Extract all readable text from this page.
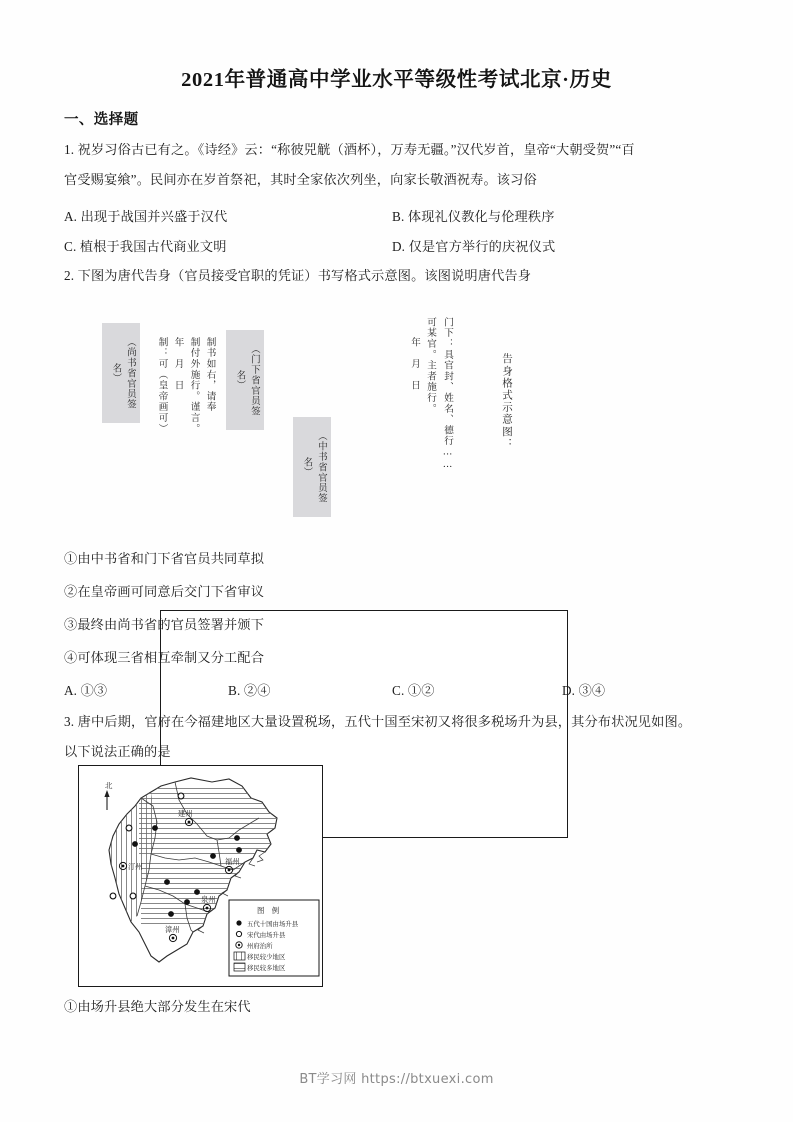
2021年普通高中学业水平等级性考试北京·历史
一、选择题
1. 祝岁习俗古已有之。《诗经》云：“称彼兕觥（酒杯），万寿无疆。”汉代岁首，皇帝“大朝受贺”“百
官受赐宴飨”。民间亦在岁首祭祀，其时全家依次列坐，向家长敬酒祝寿。该习俗
A. 出现于战国并兴盛于汉代	B. 体现礼仪教化与伦理秩序
C. 植根于我国古代商业文明	D. 仅是官方举行的庆祝仪式
2. 下图为唐代告身（官员接受官职的凭证）书写格式示意图。该图说明唐代告身
门下：具官封、姓名、德行……
可某官。主者施行。
年　月　日
（中书省官员签名）
（门下省官员签名）
制书如右，请奉
制付外施行。谨言。
年　月　日
制：可（皇帝画可）
（尚书省官员签名）	告身格式示意图：
①由中书省和门下省官员共同草拟
②在皇帝画可同意后交门下省审议
③最终由尚书省的官员签署并颁下
④可体现三省相互牵制又分工配合
A. ①③	B. ②④	C. ①②	D. ③④
3. 唐中后期，官府在今福建地区大量设置税场，五代十国至宋初又将很多税场升为县，其分布状况见如图。
以下说法正确的是
北
建州
福州
汀州
泉州
漳州
图　例
五代十国由场升县
宋代由场升县
州府治所
移民较少地区
移民较多地区
①由场升县绝大部分发生在宋代
BT学习网 https://btxuexi.com
